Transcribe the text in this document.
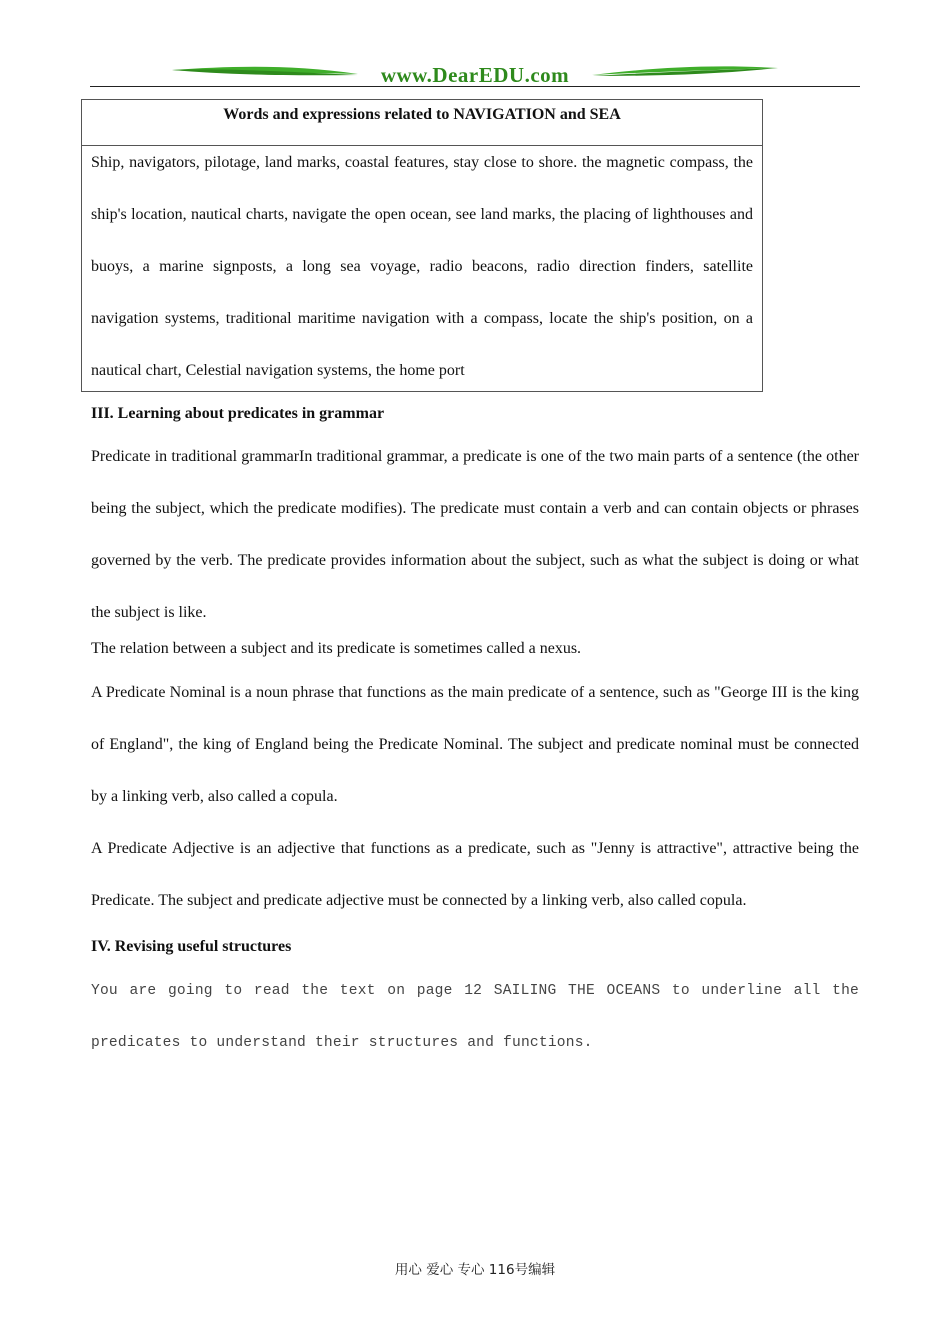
www.DearEDU.com
Words and expressions related to NAVIGATION and SEA
Ship, navigators, pilotage, land marks, coastal features, stay close to shore. the magnetic compass, the ship's location, nautical charts, navigate the open ocean, see land marks, the placing of lighthouses and buoys, a marine signposts, a long sea voyage, radio beacons, radio direction finders, satellite navigation systems, traditional maritime navigation with a compass, locate the ship's position, on a nautical chart, Celestial navigation systems, the home port

III. Learning about predicates in grammar

Predicate in traditional grammarIn traditional grammar, a predicate is one of the two main parts of a sentence (the other being the subject, which the predicate modifies). The predicate must contain a verb and can contain objects or phrases governed by the verb. The predicate provides information about the subject, such as what the subject is doing or what the subject is like.

The relation between a subject and its predicate is sometimes called a nexus.

A Predicate Nominal is a noun phrase that functions as the main predicate of a sentence, such as "George III is the king of England", the king of England being the Predicate Nominal. The subject and predicate nominal must be connected by a linking verb, also called a copula.

A Predicate Adjective is an adjective that functions as a predicate, such as "Jenny is attractive", attractive being the Predicate. The subject and predicate adjective must be connected by a linking verb, also called copula.

IV. Revising useful structures

You are going to read the text on page 12 SAILING THE OCEANS to underline all the predicates to understand their structures and functions.

用心 爱心 专心 116号编辑
